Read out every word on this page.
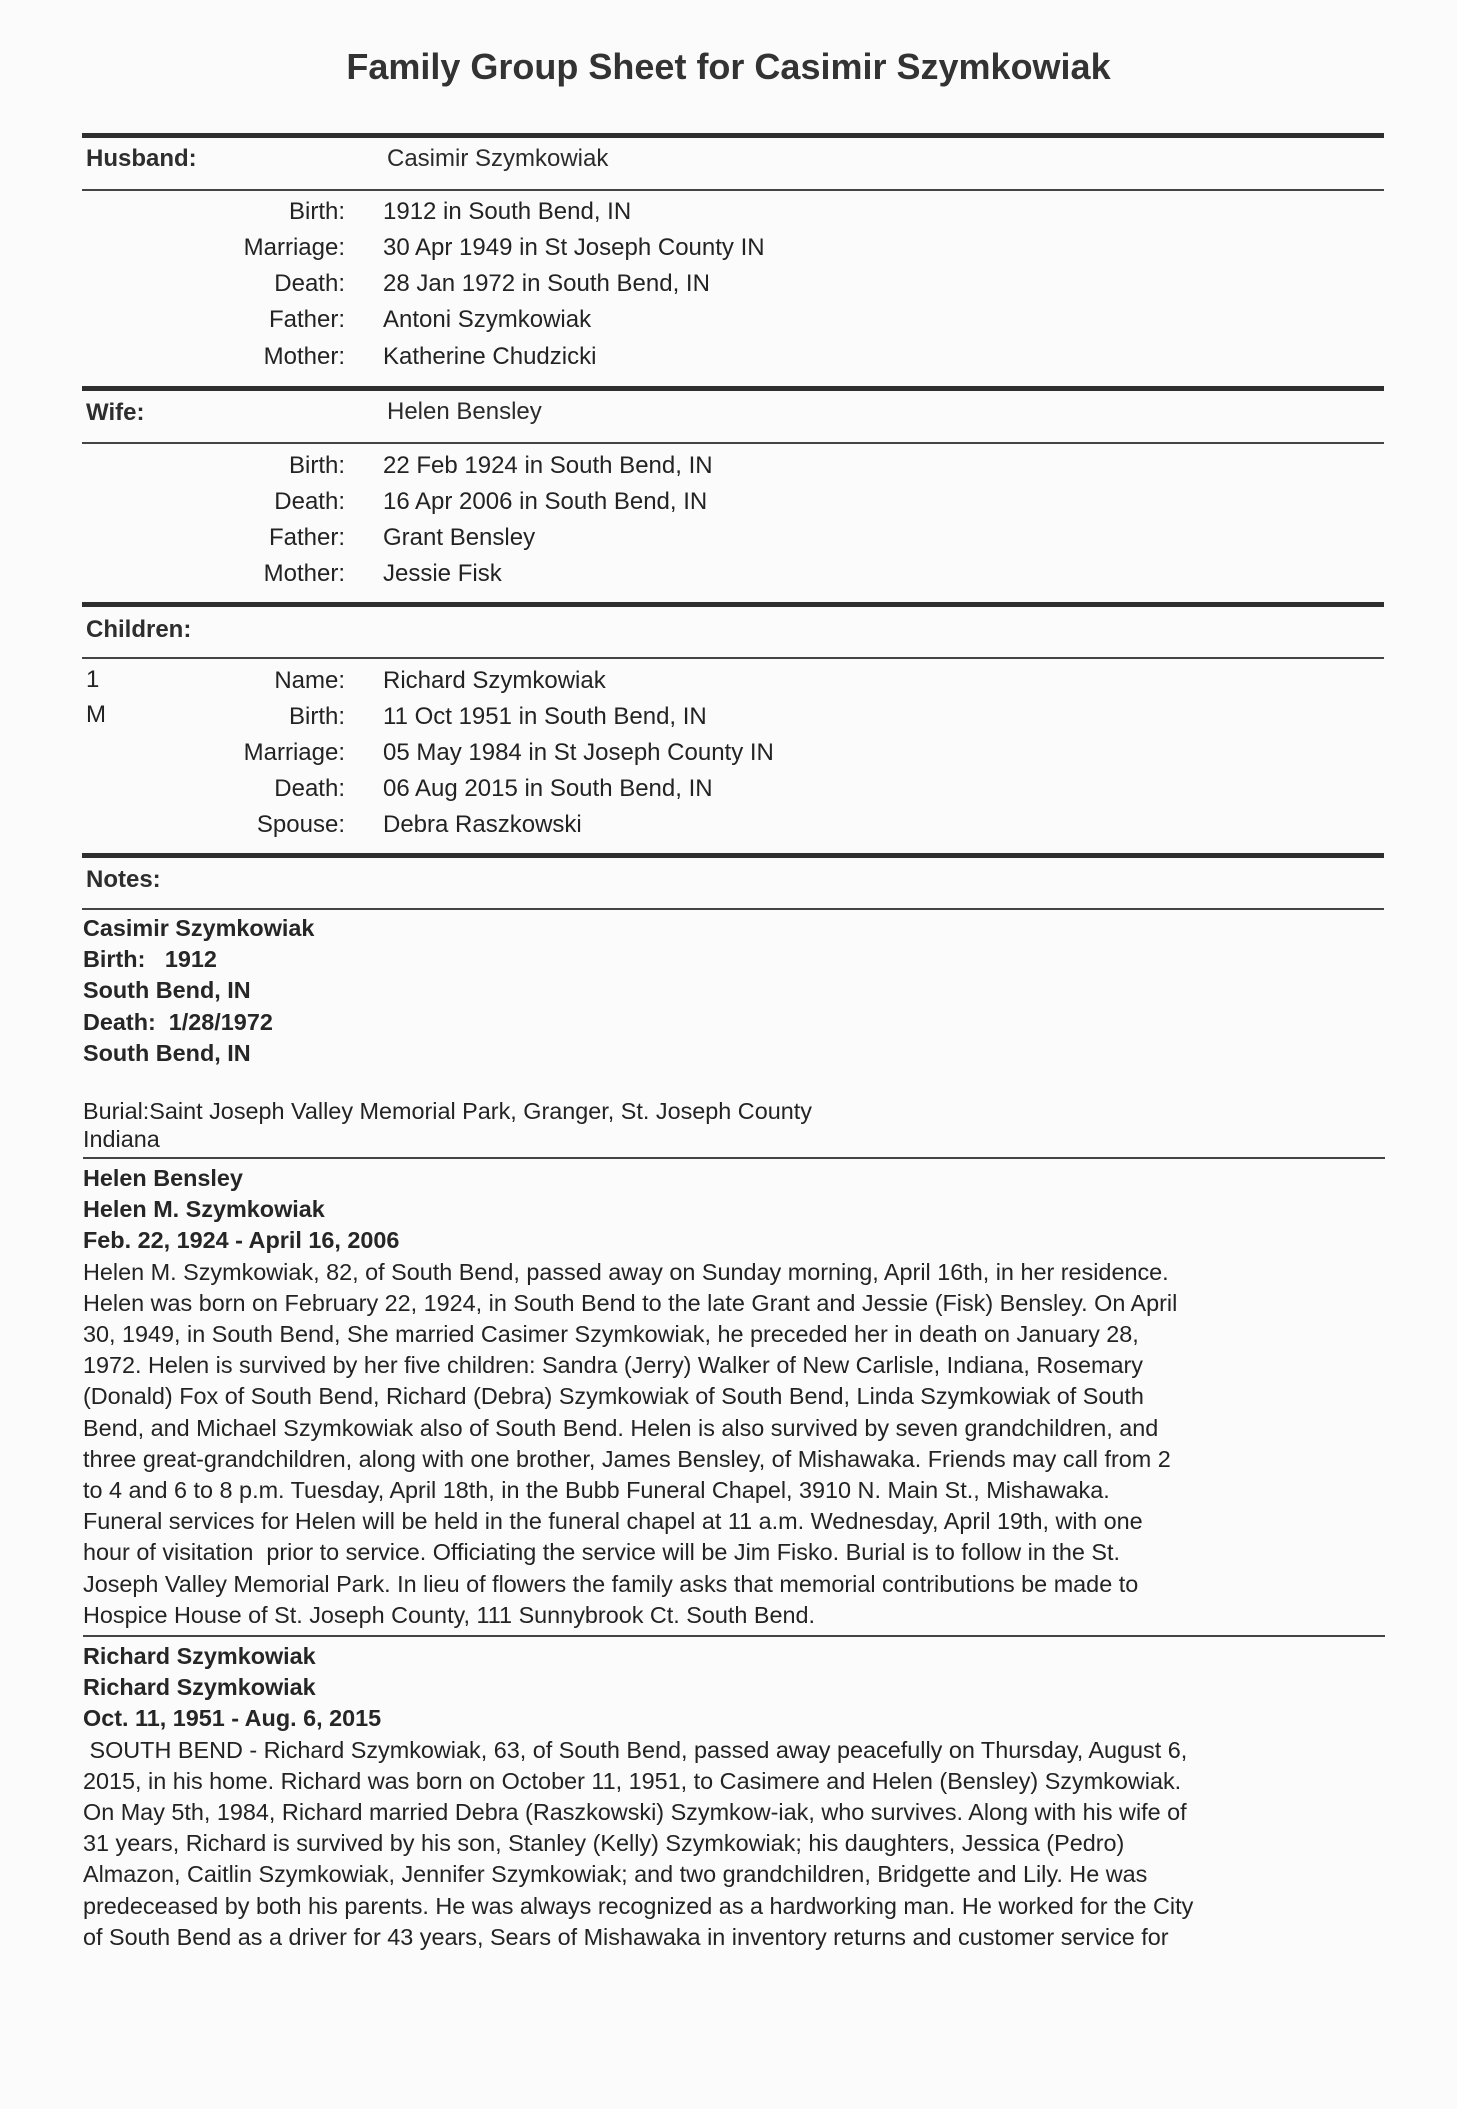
Family Group Sheet for Casimir Szymkowiak
Husband:	Casimir Szymkowiak
Birth: 1912 in South Bend, IN
Marriage: 30 Apr 1949 in St Joseph County IN
Death: 28 Jan 1972 in South Bend, IN
Father: Antoni Szymkowiak
Mother: Katherine Chudzicki
Wife:	Helen Bensley
Birth: 22 Feb 1924 in South Bend, IN
Death: 16 Apr 2006 in South Bend, IN
Father: Grant Bensley
Mother: Jessie Fisk
Children:
1
M
Name: Richard Szymkowiak
Birth: 11 Oct 1951 in South Bend, IN
Marriage: 05 May 1984 in St Joseph County IN
Death: 06 Aug 2015 in South Bend, IN
Spouse: Debra Raszkowski
Notes:
Casimir Szymkowiak
Birth:   1912
South Bend, IN
Death:  1/28/1972
South Bend, IN
Burial:Saint Joseph Valley Memorial Park, Granger, St. Joseph County
Indiana
Helen Bensley
Helen M. Szymkowiak
Feb. 22, 1924 - April 16, 2006
Helen M. Szymkowiak, 82, of South Bend, passed away on Sunday morning, April 16th, in her residence.
Helen was born on February 22, 1924, in South Bend to the late Grant and Jessie (Fisk) Bensley. On April
30, 1949, in South Bend, She married Casimer Szymkowiak, he preceded her in death on January 28,
1972. Helen is survived by her five children: Sandra (Jerry) Walker of New Carlisle, Indiana, Rosemary
(Donald) Fox of South Bend, Richard (Debra) Szymkowiak of South Bend, Linda Szymkowiak of South
Bend, and Michael Szymkowiak also of South Bend. Helen is also survived by seven grandchildren, and
three great-grandchildren, along with one brother, James Bensley, of Mishawaka. Friends may call from 2
to 4 and 6 to 8 p.m. Tuesday, April 18th, in the Bubb Funeral Chapel, 3910 N. Main St., Mishawaka.
Funeral services for Helen will be held in the funeral chapel at 11 a.m. Wednesday, April 19th, with one
hour of visitation  prior to service. Officiating the service will be Jim Fisko. Burial is to follow in the St.
Joseph Valley Memorial Park. In lieu of flowers the family asks that memorial contributions be made to
Hospice House of St. Joseph County, 111 Sunnybrook Ct. South Bend.
Richard Szymkowiak
Richard Szymkowiak
Oct. 11, 1951 - Aug. 6, 2015
SOUTH BEND - Richard Szymkowiak, 63, of South Bend, passed away peacefully on Thursday, August 6,
2015, in his home. Richard was born on October 11, 1951, to Casimere and Helen (Bensley) Szymkowiak.
On May 5th, 1984, Richard married Debra (Raszkowski) Szymkow-iak, who survives. Along with his wife of
31 years, Richard is survived by his son, Stanley (Kelly) Szymkowiak; his daughters, Jessica (Pedro)
Almazon, Caitlin Szymkowiak, Jennifer Szymkowiak; and two grandchildren, Bridgette and Lily. He was
predeceased by both his parents. He was always recognized as a hardworking man. He worked for the City
of South Bend as a driver for 43 years, Sears of Mishawaka in inventory returns and customer service for
